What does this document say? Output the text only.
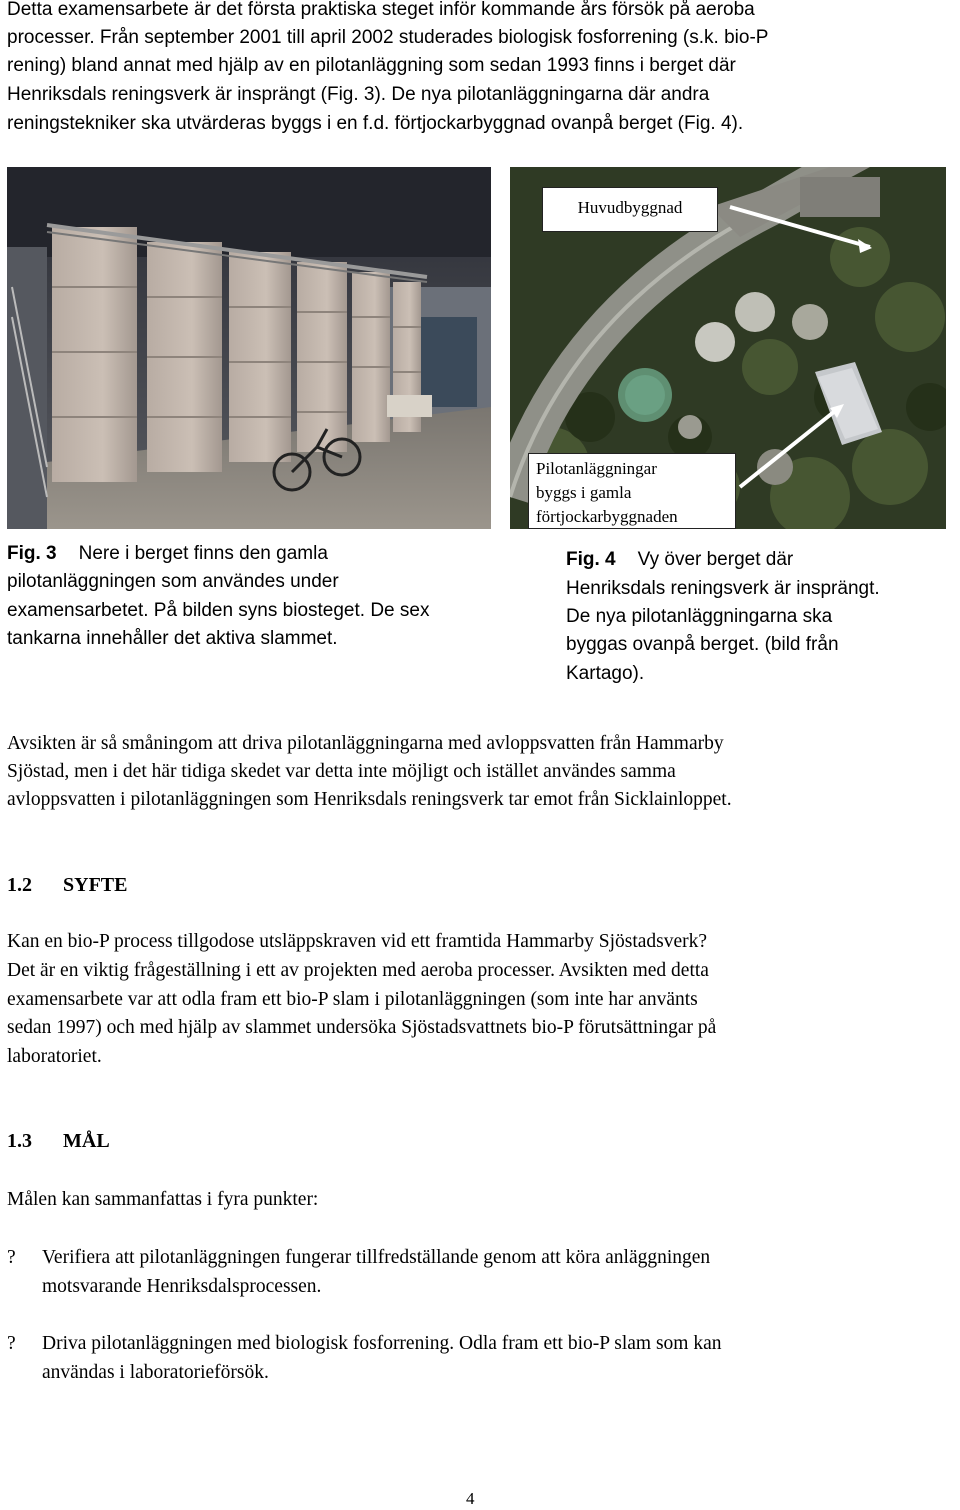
Detta examensarbete är det första praktiska steget inför kommande års försök på aeroba

processer. Från september 2001 till april 2002 studerades biologisk fosforrening (s.k. bio-P

rening) bland annat med hjälp av en pilotanläggning som sedan 1993 finns i berget där

Henriksdals reningsverk är insprängt (Fig. 3). De nya pilotanläggningarna där andra

reningstekniker ska utvärderas byggs i en f.d. förtjockarbyggnad ovanpå berget (Fig. 4).

Huvudbyggnad
Pilotanläggningar
byggs i gamla
förtjockarbyggnaden

Fig. 3 Nere i berget finns den gamla

pilotanläggningen som användes under

examensarbetet. På bilden syns biosteget. De sex

tankarna innehåller det aktiva slammet.

Fig. 4 Vy över berget där

Henriksdals reningsverk är insprängt.

De nya pilotanläggningarna ska

byggas ovanpå berget. (bild från

Kartago).

Avsikten är så småningom att driva pilotanläggningarna med avloppsvatten från Hammarby

Sjöstad, men i det här tidiga skedet var detta inte möjligt och istället användes samma

avloppsvatten i pilotanläggningen som Henriksdals reningsverk tar emot från Sicklainloppet.

1.2 SYFTE

Kan en bio-P process tillgodose utsläppskraven vid ett framtida Hammarby Sjöstadsverk?

Det är en viktig frågeställning i ett av projekten med aeroba processer. Avsikten med detta

examensarbete var att odla fram ett bio-P slam i pilotanläggningen (som inte har använts

sedan 1997) och med hjälp av slammet undersöka Sjöstadsvattnets bio-P förutsättningar på

laboratoriet.

1.3 MÅL

Målen kan sammanfattas i fyra punkter:

? Verifiera att pilotanläggningen fungerar tillfredställande genom att köra anläggningen
motsvarande Henriksdalsprocessen.
? Driva pilotanläggningen med biologisk fosforrening. Odla fram ett bio-P slam som kan
användas i laboratorieförsök.
4
